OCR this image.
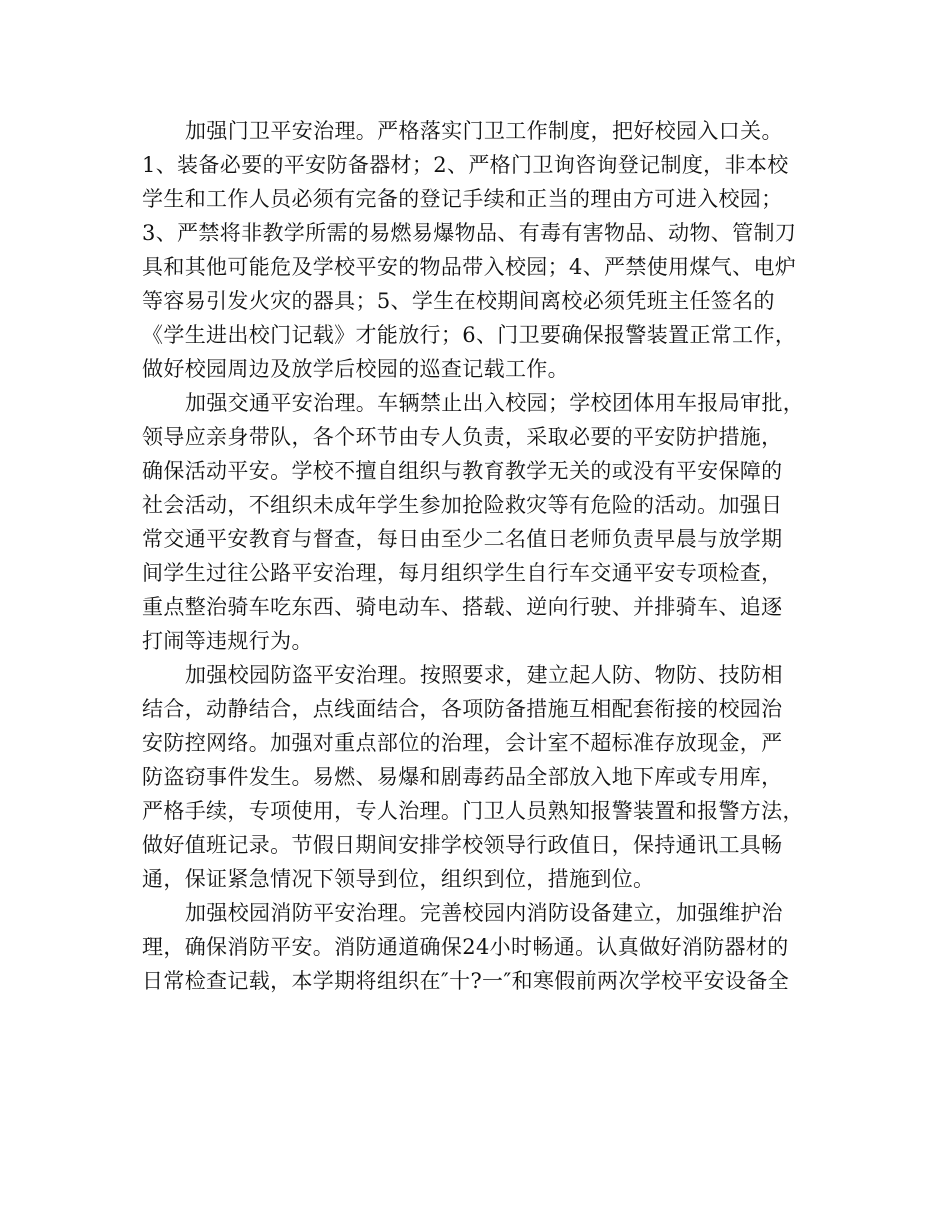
加强门卫平安治理。严格落实门卫工作制度，把好校园入口关。
1、装备必要的平安防备器材；2、严格门卫询咨询登记制度，非本校
学生和工作人员必须有完备的登记手续和正当的理由方可进入校园；
3、严禁将非教学所需的易燃易爆物品、有毒有害物品、动物、管制刀
具和其他可能危及学校平安的物品带入校园；4、严禁使用煤气、电炉
等容易引发火灾的器具；5、学生在校期间离校必须凭班主任签名的
《学生进出校门记载》才能放行；6、门卫要确保报警装置正常工作，
做好校园周边及放学后校园的巡查记载工作。
加强交通平安治理。车辆禁止出入校园；学校团体用车报局审批，
领导应亲身带队，各个环节由专人负责，采取必要的平安防护措施，
确保活动平安。学校不擅自组织与教育教学无关的或没有平安保障的
社会活动，不组织未成年学生参加抢险救灾等有危险的活动。加强日
常交通平安教育与督查，每日由至少二名值日老师负责早晨与放学期
间学生过往公路平安治理，每月组织学生自行车交通平安专项检查，
重点整治骑车吃东西、骑电动车、搭载、逆向行驶、并排骑车、追逐
打闹等违规行为。
加强校园防盗平安治理。按照要求，建立起人防、物防、技防相
结合，动静结合，点线面结合，各项防备措施互相配套衔接的校园治
安防控网络。加强对重点部位的治理，会计室不超标准存放现金，严
防盗窃事件发生。易燃、易爆和剧毒药品全部放入地下库或专用库，
严格手续，专项使用，专人治理。门卫人员熟知报警装置和报警方法，
做好值班记录。节假日期间安排学校领导行政值日，保持通讯工具畅
通，保证紧急情况下领导到位，组织到位，措施到位。
加强校园消防平安治理。完善校园内消防设备建立，加强维护治
理，确保消防平安。消防通道确保24小时畅通。认真做好消防器材的
日常检查记载，本学期将组织在″十?一″和寒假前两次学校平安设备全
